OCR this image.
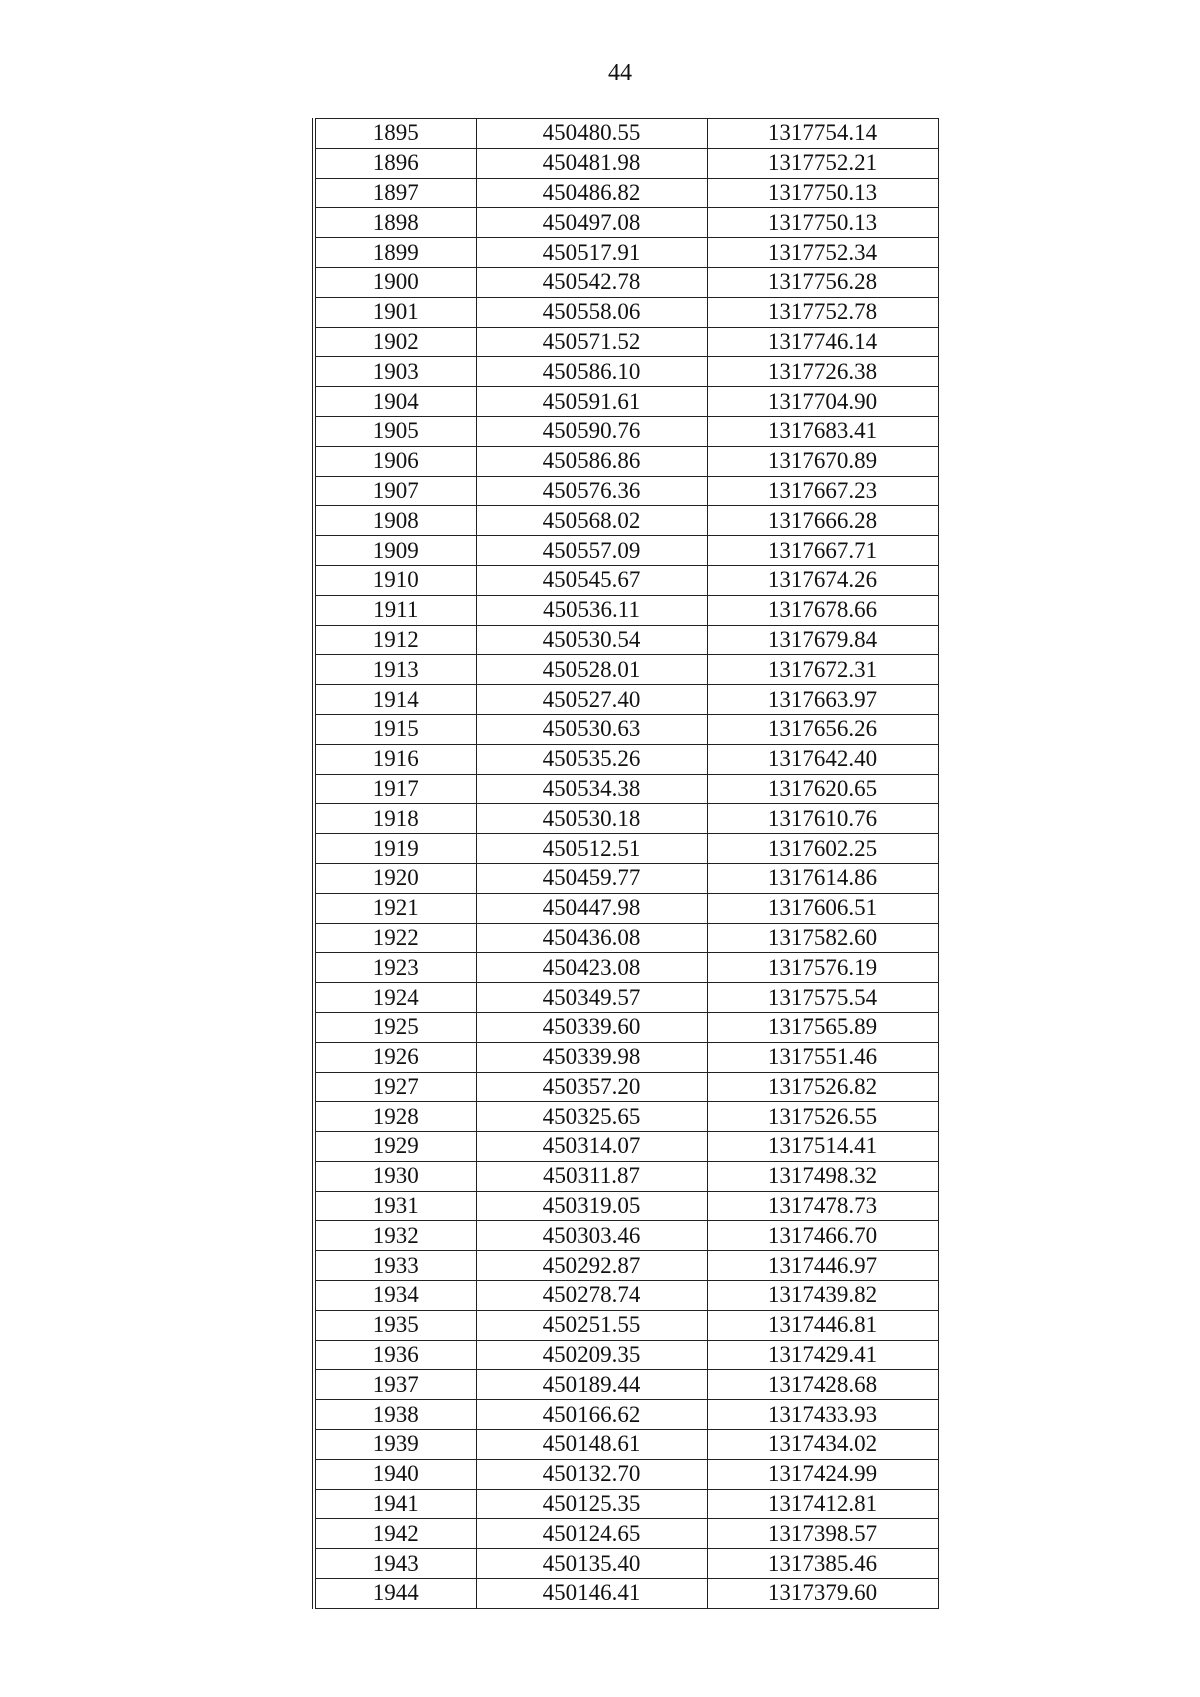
44
1895	450480.55	1317754.14
1896	450481.98	1317752.21
1897	450486.82	1317750.13
1898	450497.08	1317750.13
1899	450517.91	1317752.34
1900	450542.78	1317756.28
1901	450558.06	1317752.78
1902	450571.52	1317746.14
1903	450586.10	1317726.38
1904	450591.61	1317704.90
1905	450590.76	1317683.41
1906	450586.86	1317670.89
1907	450576.36	1317667.23
1908	450568.02	1317666.28
1909	450557.09	1317667.71
1910	450545.67	1317674.26
1911	450536.11	1317678.66
1912	450530.54	1317679.84
1913	450528.01	1317672.31
1914	450527.40	1317663.97
1915	450530.63	1317656.26
1916	450535.26	1317642.40
1917	450534.38	1317620.65
1918	450530.18	1317610.76
1919	450512.51	1317602.25
1920	450459.77	1317614.86
1921	450447.98	1317606.51
1922	450436.08	1317582.60
1923	450423.08	1317576.19
1924	450349.57	1317575.54
1925	450339.60	1317565.89
1926	450339.98	1317551.46
1927	450357.20	1317526.82
1928	450325.65	1317526.55
1929	450314.07	1317514.41
1930	450311.87	1317498.32
1931	450319.05	1317478.73
1932	450303.46	1317466.70
1933	450292.87	1317446.97
1934	450278.74	1317439.82
1935	450251.55	1317446.81
1936	450209.35	1317429.41
1937	450189.44	1317428.68
1938	450166.62	1317433.93
1939	450148.61	1317434.02
1940	450132.70	1317424.99
1941	450125.35	1317412.81
1942	450124.65	1317398.57
1943	450135.40	1317385.46
1944	450146.41	1317379.60
